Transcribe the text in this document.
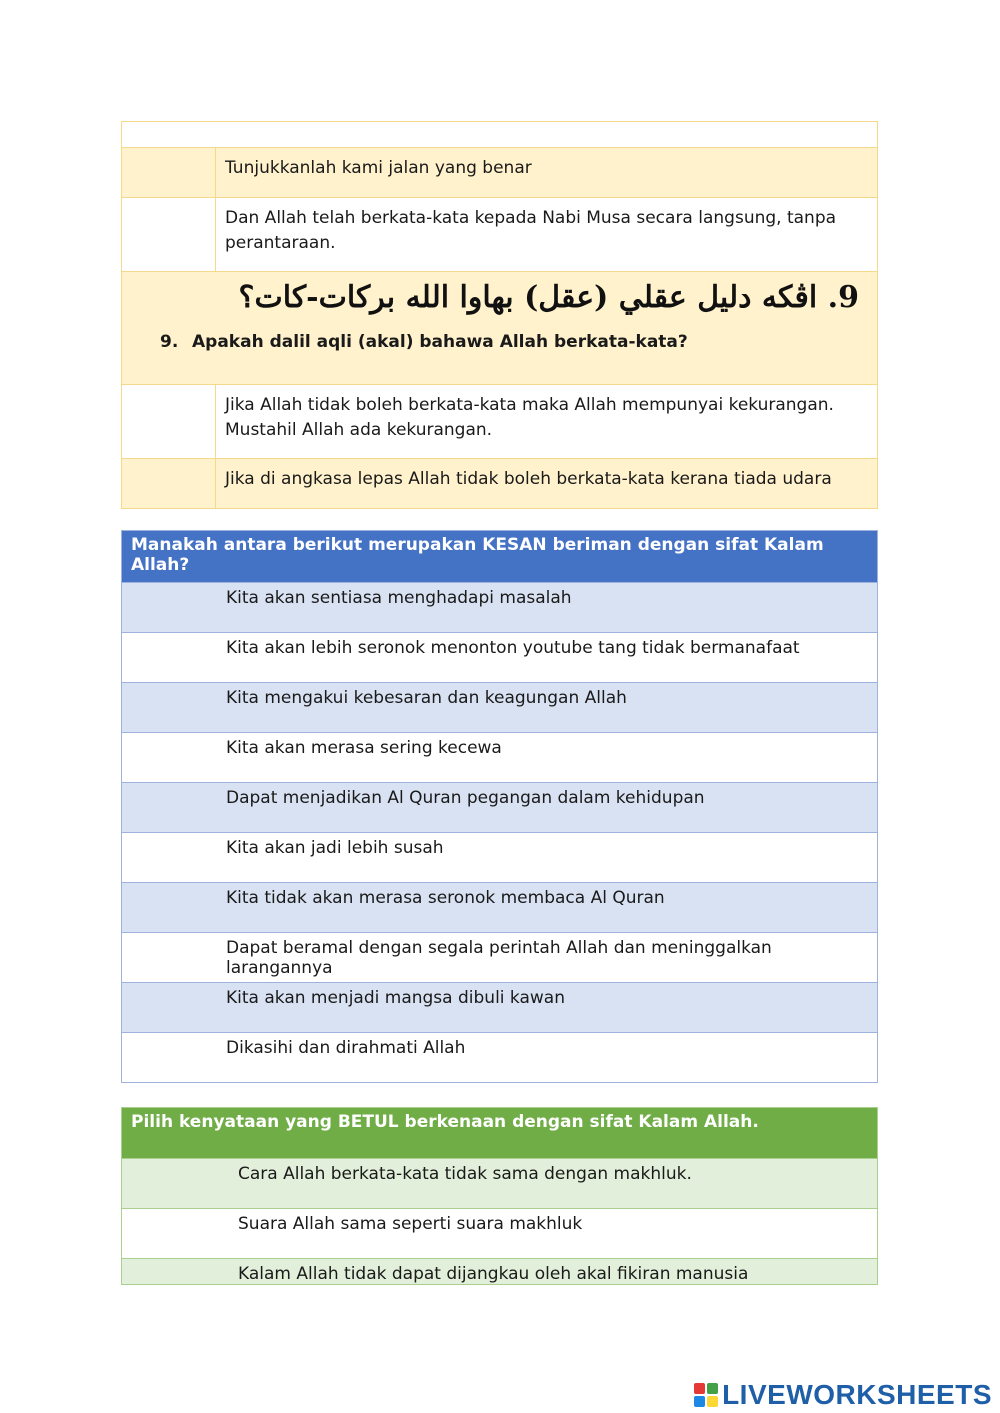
Tunjukkanlah kami jalan yang benar
Dan Allah telah berkata-kata kepada Nabi Musa secara langsung, tanpa perantaraan.
9. اڤكه دليل عقلي (عقل) بهاوا الله بركات-كات؟
9. Apakah dalil aqli (akal) bahawa Allah berkata-kata?
Jika Allah tidak boleh berkata-kata maka Allah mempunyai kekurangan. Mustahil Allah ada kekurangan.
Jika di angkasa lepas Allah tidak boleh berkata-kata kerana tiada udara
Manakah antara berikut merupakan KESAN beriman dengan sifat Kalam Allah?
Kita akan sentiasa menghadapi masalah
Kita akan lebih seronok menonton youtube tang tidak bermanafaat
Kita mengakui kebesaran dan keagungan Allah
Kita akan merasa sering kecewa
Dapat menjadikan Al Quran pegangan dalam kehidupan
Kita akan jadi lebih susah
Kita tidak akan merasa seronok membaca Al Quran
Dapat beramal dengan segala perintah Allah dan meninggalkan larangannya
Kita akan menjadi mangsa dibuli kawan
Dikasihi dan dirahmati Allah
Pilih kenyataan yang BETUL berkenaan dengan sifat Kalam Allah.
Cara Allah berkata-kata tidak sama dengan makhluk.
Suara Allah sama seperti suara makhluk
Kalam Allah tidak dapat dijangkau oleh akal fikiran manusia
LIVEWORKSHEETS
